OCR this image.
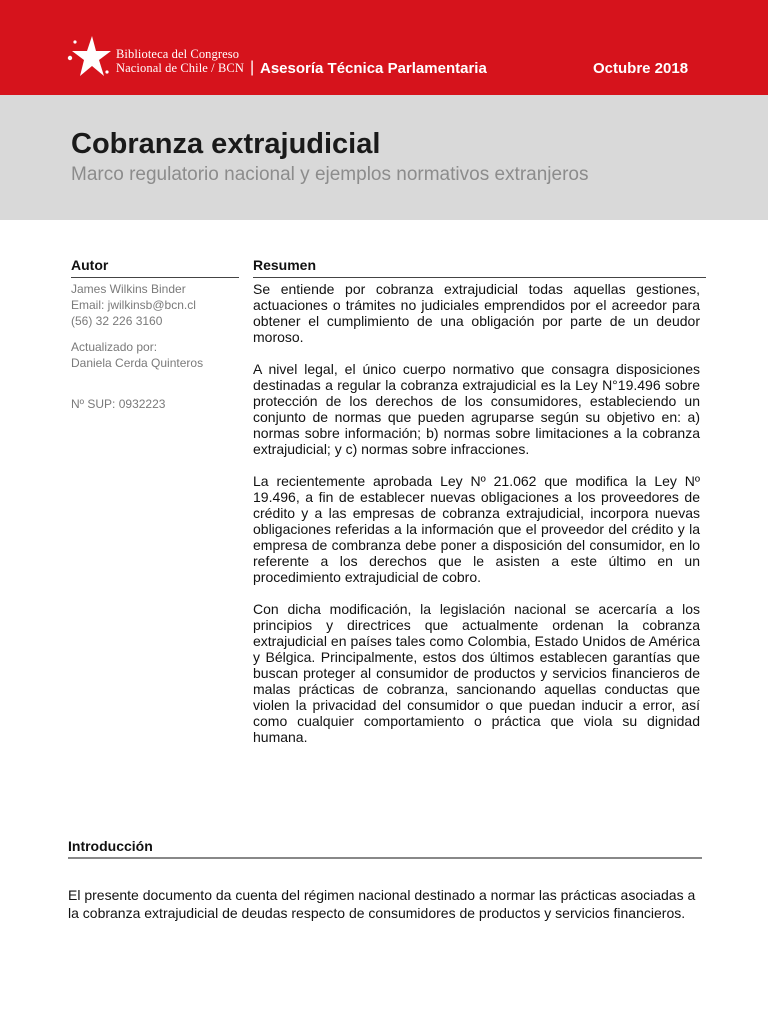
Biblioteca del Congreso
Nacional de Chile / BCN | Asesoría Técnica Parlamentaria	Octubre 2018
Cobranza extrajudicial
Marco regulatorio nacional y ejemplos normativos extranjeros
Autor
James Wilkins Binder
Email: jwilkinsb@bcn.cl
(56) 32 226 3160
Actualizado por:
Daniela Cerda Quinteros
Nº SUP: 0932223
Resumen

Se entiende por cobranza extrajudicial todas aquellas gestiones, actuaciones o trámites no judiciales emprendidos por el acreedor para obtener el cumplimiento de una obligación por parte de un deudor moroso.

A nivel legal, el único cuerpo normativo que consagra disposiciones destinadas a regular la cobranza extrajudicial es la Ley N°19.496 sobre protección de los derechos de los consumidores, estableciendo un conjunto de normas que pueden agruparse según su objetivo en: a) normas sobre información; b) normas sobre limitaciones a la cobranza extrajudicial; y c) normas sobre infracciones.

La recientemente aprobada Ley Nº 21.062 que modifica la Ley Nº 19.496, a fin de establecer nuevas obligaciones a los proveedores de crédito y a las empresas de cobranza extrajudicial, incorpora nuevas obligaciones referidas a la información que el proveedor del crédito y la empresa de combranza debe poner a disposición del consumidor, en lo referente a los derechos que le asisten a este último en un procedimiento extrajudicial de cobro.

Con dicha modificación, la legislación nacional se acercaría a los principios y directrices que actualmente ordenan la cobranza extrajudicial en países tales como Colombia, Estado Unidos de América y Bélgica. Principalmente, estos dos últimos establecen garantías que buscan proteger al consumidor de productos y servicios financieros de malas prácticas de cobranza, sancionando aquellas conductas que violen la privacidad del consumidor o que puedan inducir a error, así como cualquier comportamiento o práctica que viola su dignidad humana.

Introducción
El presente documento da cuenta del régimen nacional destinado a normar las prácticas asociadas a la cobranza extrajudicial de deudas respecto de consumidores de productos y servicios financieros.
